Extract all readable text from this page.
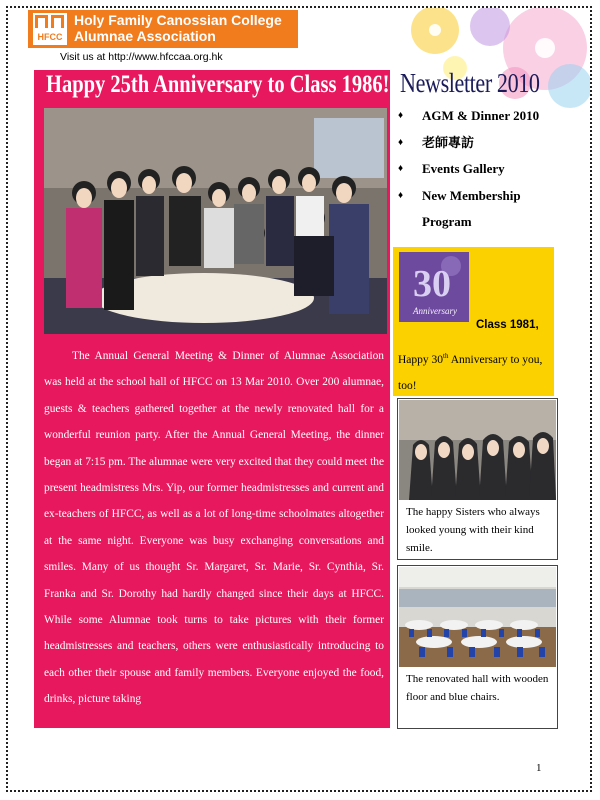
HFCC
Holy Family Canossian College
Alumnae Association
Visit us at http://www.hfccaa.org.hk
Newsletter 2010
Happy 25th Anniversary to Class 1986!

The Annual General Meeting & Dinner of Alumnae Association was held at the school hall of HFCC on 13 Mar 2010. Over 200 alumnae, guests & teachers gathered together at the newly renovated hall for a wonderful reunion party. After the Annual General Meeting, the dinner began at 7:15 pm. The alumnae were very excited that they could meet the present headmistress Mrs. Yip, our former headmistresses and current and ex-teachers of HFCC, as well as a lot of long-time schoolmates altogether at the same night. Everyone was busy exchanging conversations and smiles. Many of us thought Sr. Margaret, Sr. Marie, Sr. Cynthia, Sr. Franka and Sr. Dorothy had hardly changed since their days at HFCC. While some Alumnae took turns to take pictures with their former headmistresses and teachers, others were enthusiastically introducing to each other their spouse and family members. Everyone enjoyed the food, drinks, picture taking

♦ AGM & Dinner 2010
♦ 老師專訪
♦ Events Gallery
♦ New Membership Program
30
Anniversary
Class 1981,
Happy 30th Anniversary to you, too!
The happy Sisters who always looked young with their kind smile.
The renovated hall with wooden floor and blue chairs.
1
